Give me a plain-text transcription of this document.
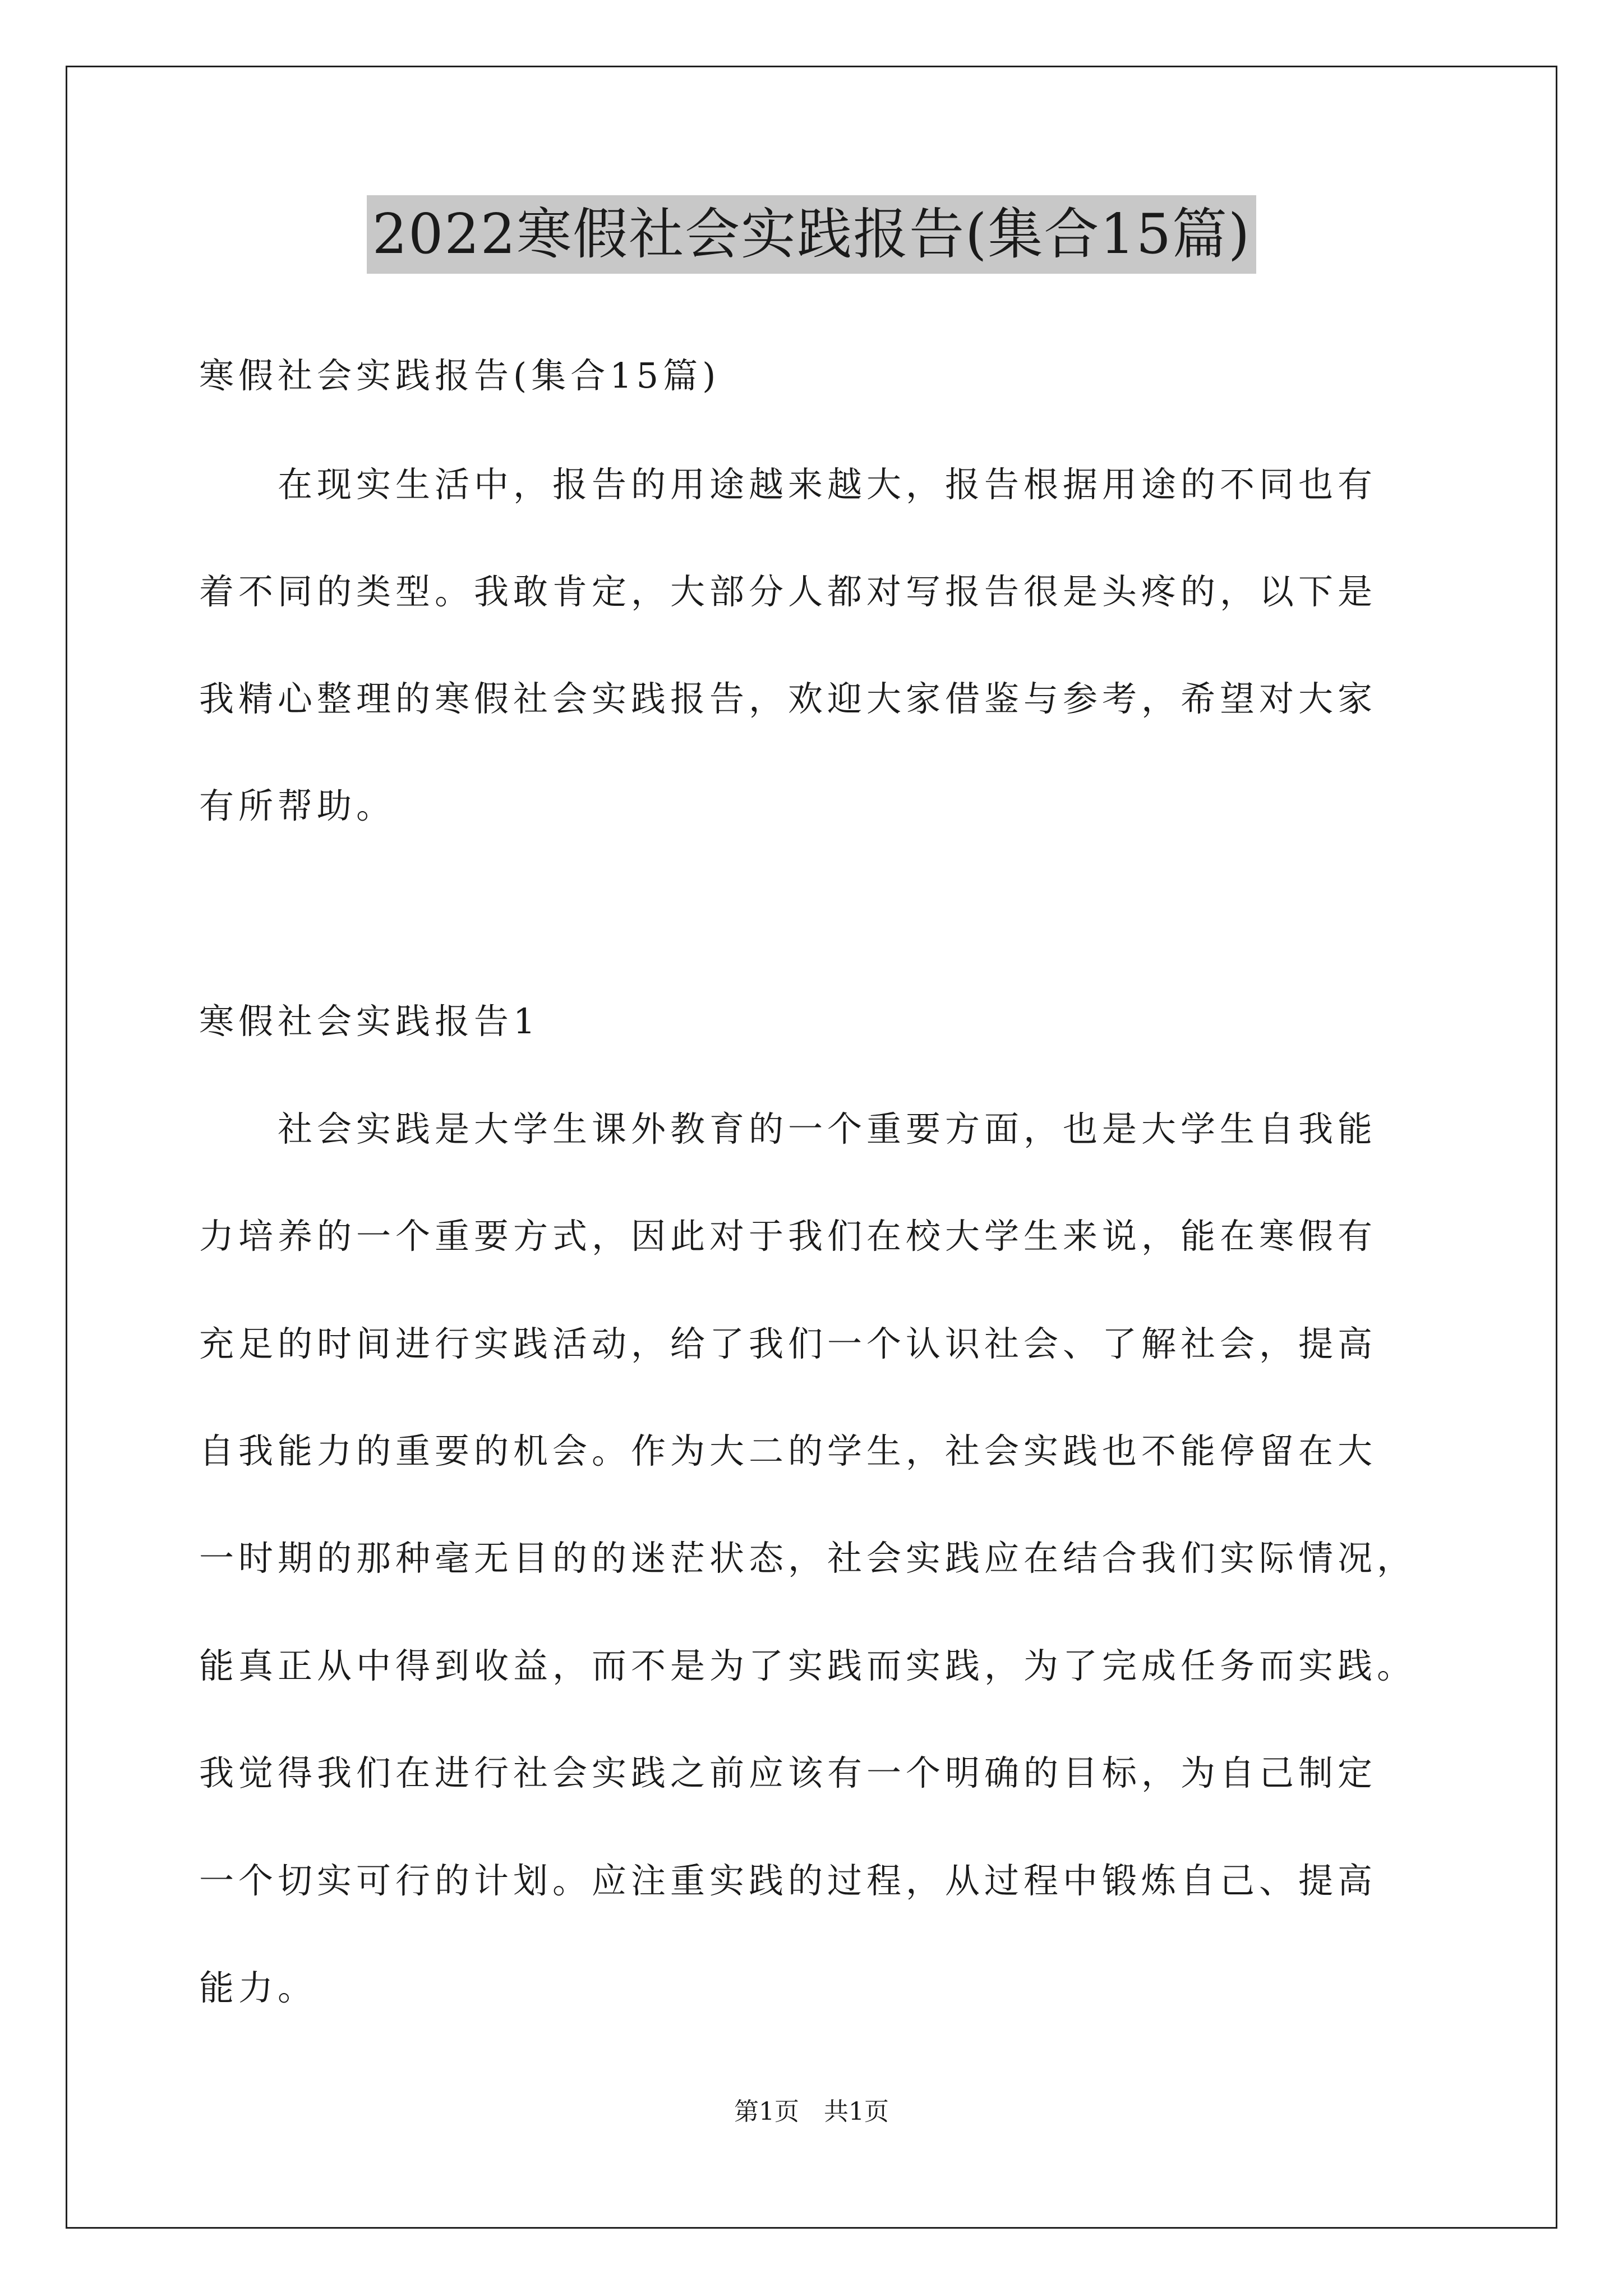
2022寒假社会实践报告(集合15篇)
寒假社会实践报告(集合15篇)
　　在现实生活中，报告的用途越来越大，报告根据用途的不同也有
着不同的类型。我敢肯定，大部分人都对写报告很是头疼的，以下是
我精心整理的寒假社会实践报告，欢迎大家借鉴与参考，希望对大家
有所帮助。
寒假社会实践报告1
　　社会实践是大学生课外教育的一个重要方面，也是大学生自我能
力培养的一个重要方式，因此对于我们在校大学生来说，能在寒假有
充足的时间进行实践活动，给了我们一个认识社会、了解社会，提高
自我能力的重要的机会。作为大二的学生，社会实践也不能停留在大
一时期的那种毫无目的的迷茫状态，社会实践应在结合我们实际情况，
能真正从中得到收益，而不是为了实践而实践，为了完成任务而实践。
我觉得我们在进行社会实践之前应该有一个明确的目标，为自己制定
一个切实可行的计划。应注重实践的过程，从过程中锻炼自己、提高
能力。
第1页　共1页
